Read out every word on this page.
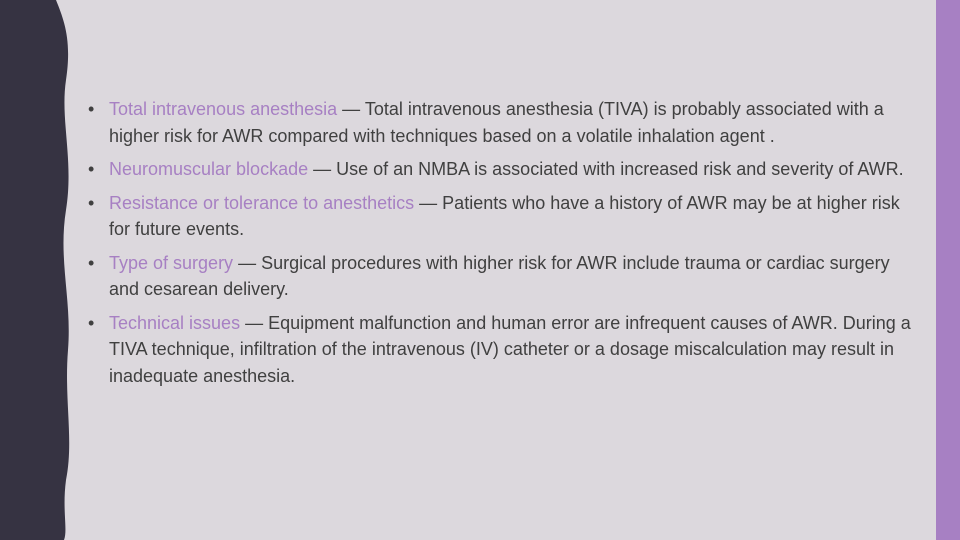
• Total intravenous anesthesia — Total intravenous anesthesia (TIVA) is probably associated with a higher risk for AWR compared with techniques based on a volatile inhalation agent .
• Neuromuscular blockade — Use of an NMBA is associated with increased risk and severity of AWR.
• Resistance or tolerance to anesthetics — Patients who have a history of AWR may be at higher risk for future events.
• Type of surgery — Surgical procedures with higher risk for AWR include trauma or cardiac surgery and cesarean delivery.
• Technical issues — Equipment malfunction and human error are infrequent causes of AWR. During a TIVA technique, infiltration of the intravenous (IV) catheter or a dosage miscalculation may result in inadequate anesthesia.
